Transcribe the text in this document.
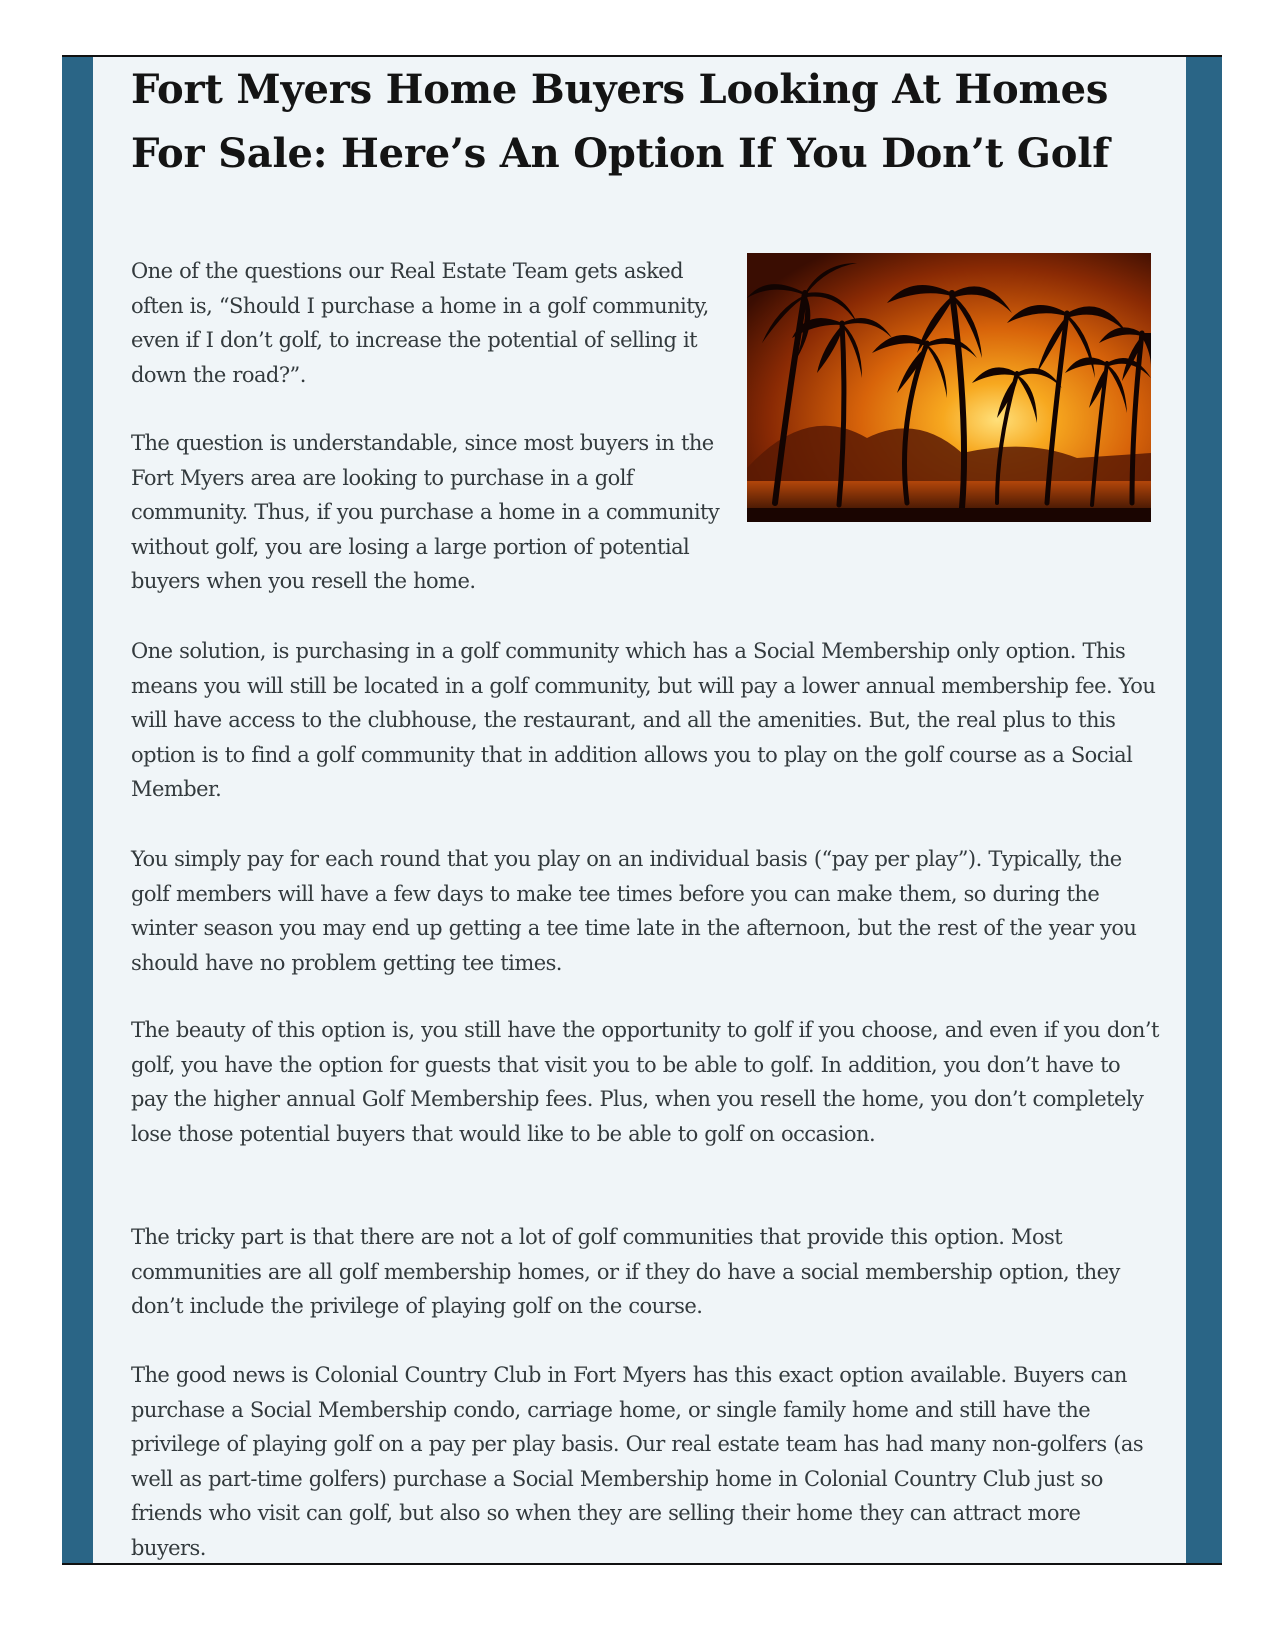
Fort Myers Home Buyers Looking At Homes For Sale: Here’s An Option If You Don’t Golf

One of the questions our Real Estate Team gets asked often is, “Should I purchase a home in a golf community, even if I don’t golf, to increase the potential of selling it down the road?”.

The question is understandable, since most buyers in the Fort Myers area are looking to purchase in a golf community. Thus, if you purchase a home in a community without golf, you are losing a large portion of potential buyers when you resell the home.

One solution, is purchasing in a golf community which has a Social Membership only option. This means you will still be located in a golf community, but will pay a lower annual membership fee. You will have access to the clubhouse, the restaurant, and all the amenities. But, the real plus to this option is to find a golf community that in addition allows you to play on the golf course as a Social Member.

You simply pay for each round that you play on an individual basis (“pay per play”). Typically, the golf members will have a few days to make tee times before you can make them, so during the winter season you may end up getting a tee time late in the afternoon, but the rest of the year you should have no problem getting tee times.

The beauty of this option is, you still have the opportunity to golf if you choose, and even if you don’t golf, you have the option for guests that visit you to be able to golf. In addition, you don’t have to pay the higher annual Golf Membership fees. Plus, when you resell the home, you don’t completely lose those potential buyers that would like to be able to golf on occasion.

The tricky part is that there are not a lot of golf communities that provide this option. Most communities are all golf membership homes, or if they do have a social membership option, they don’t include the privilege of playing golf on the course.

The good news is Colonial Country Club in Fort Myers has this exact option available. Buyers can purchase a Social Membership condo, carriage home, or single family home and still have the privilege of playing golf on a pay per play basis. Our real estate team has had many non-golfers (as well as part-time golfers) purchase a Social Membership home in Colonial Country Club just so friends who visit can golf, but also so when they are selling their home they can attract more buyers.
